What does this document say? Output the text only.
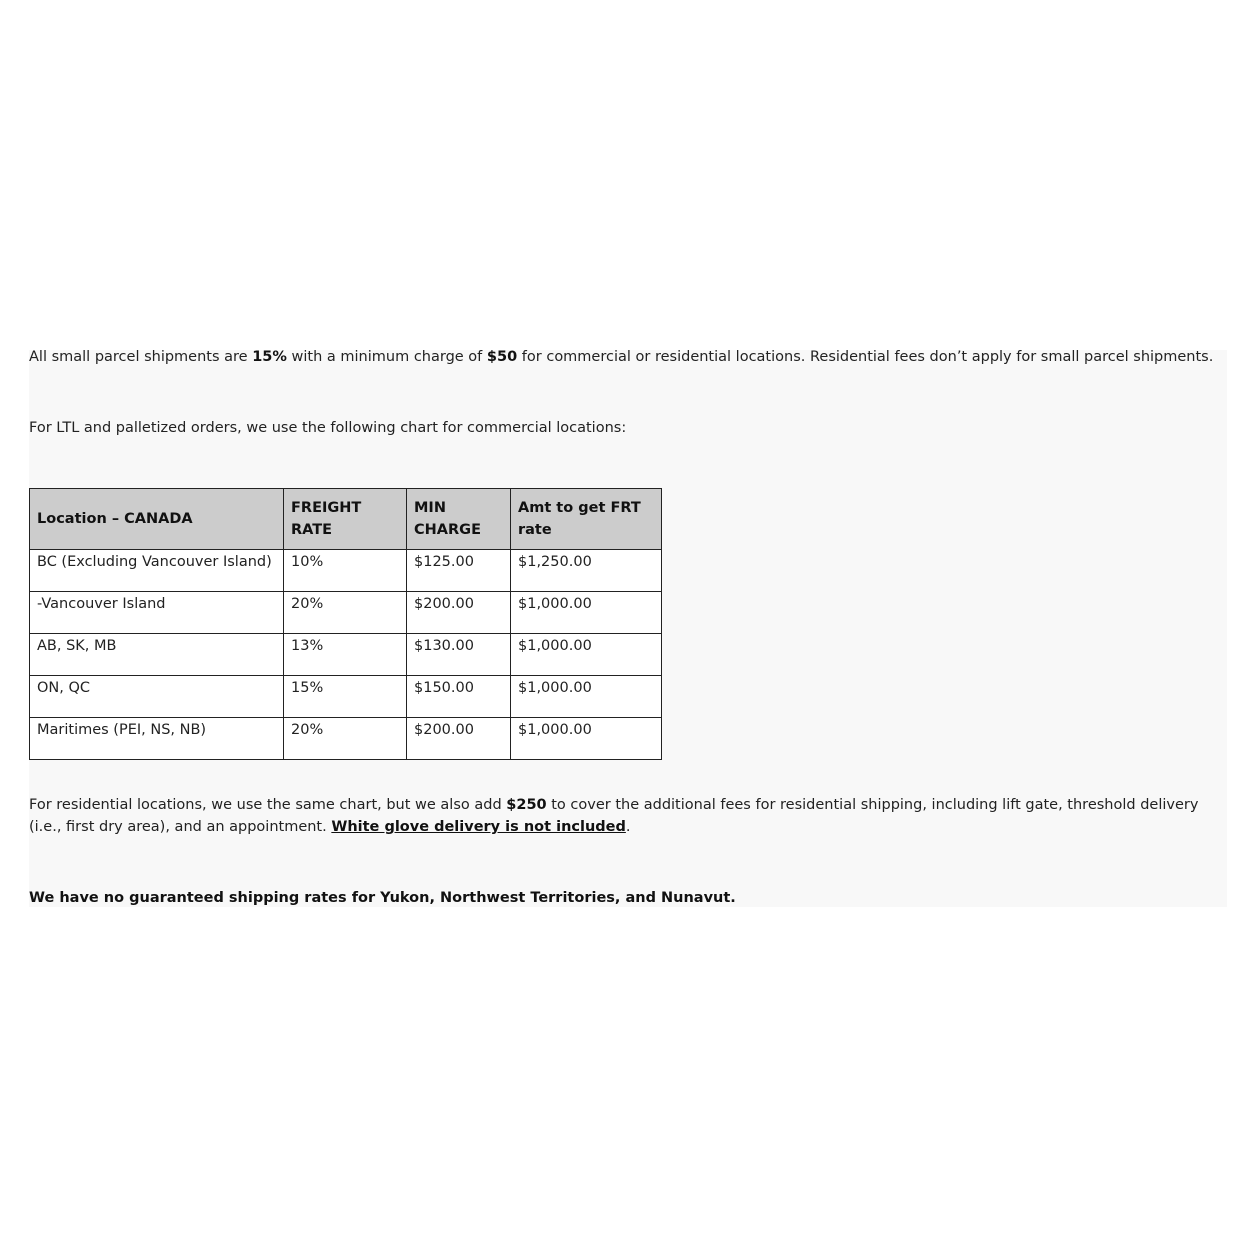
All small parcel shipments are 15% with a minimum charge of $50 for commercial or residential locations. Residential fees don’t apply for small parcel shipments.

For LTL and palletized orders, we use the following chart for commercial locations:

Location – CANADA	FREIGHT RATE	MIN CHARGE	Amt to get FRT rate
BC (Excluding Vancouver Island)	10%	$125.00	$1,250.00
-Vancouver Island	20%	$200.00	$1,000.00
AB, SK, MB	13%	$130.00	$1,000.00
ON, QC	15%	$150.00	$1,000.00
Maritimes (PEI, NS, NB)	20%	$200.00	$1,000.00

For residential locations, we use the same chart, but we also add $250 to cover the additional fees for residential shipping, including lift gate, threshold delivery (i.e., first dry area), and an appointment. White glove delivery is not included.

We have no guaranteed shipping rates for Yukon, Northwest Territories, and Nunavut.
